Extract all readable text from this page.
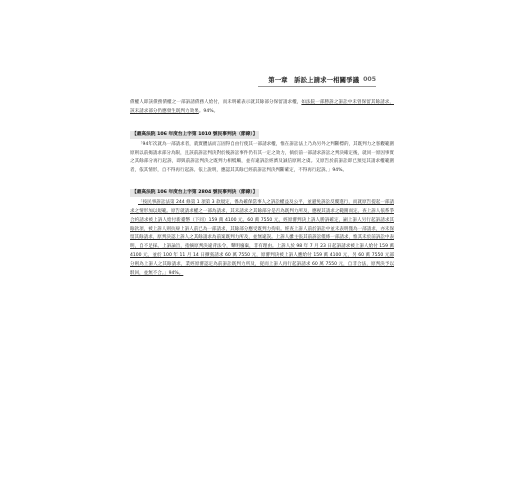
第一章　訴訟上請求一相關爭議 005

債權人即該債務債權之一部訴請債務人給付，而未明確表示就其餘部分保留請求權，如法院一部勝訴之訴訟中未曾保留其餘請求，該未請求部分仍應發生既判力效果。94%。

【最高法院 106 年度台上字第 1010 號民事判決（節錄）】

「94年次就為一部請求者，就實體法而言固得自由行使其一部請求權，惟在訴訟法上乃為另外之判斷標的，其既判力之客觀範圍原則以前揭請求部分為限，且該前訴訟判決對於後訴訟事件仍有其一定之效力，倘於前一部請求訴訟之判決確定後，就同一原因事實之其餘部分再行起訴，即與前訴訟判決之既判力相牴觸，並有違訴訟經濟及誠信原則之虞。又原告於前訴訟即已預見其請求權範圍者，依其情形，自不得再行起訴。依上說明，應認其其餘已經前訴訟判決判斷確定，不得再行起訴。」94%。

【最高法院 106 年度台上字第 2804 號民事判決（節錄）】

「按民事訴訟法第 244 條第 1 項第 3 款規定，係為確保當事人之訴訟權益及公平，並避免訴訟反覆進行，而就原告提起一部請求之情形加以規範。原告就請求權之一部為請求，其未請求之其餘部分是否為既判力所及，應視其請求之範圍而定。查上訴人依系爭合約請求被上訴人給付新臺幣（下同）159 萬 4100 元、60 萬 7550 元，經原審判決上訴人勝訴確定，嗣上訴人另行起訴請求其餘款項，被上訴人則抗辯上訴人前已為一部請求，其餘部分應受既判力拘束。經查上訴人前於訴訟中並未表明僅為一部請求，亦未保留其餘請求，原判決認上訴人之其餘請求為前案既判力所及，並無違誤。上訴人雖主張其前訴訟僅係一部請求，惟其未於前訴訟中表明，自不足採。上訴論旨，指摘原判決違背法令，聲明廢棄，非有理由。上訴人於 98 年 7 月 23 日起訴請求被上訴人給付 159 萬 4100 元，並於 100 年 11 月 14 日擴張請求 60 萬 7550 元，原審判決被上訴人應給付 159 萬 4100 元，另 60 萬 7550 元部分則為上訴人之其餘請求，業經原審認定為前訴訟既判力所及，從而上訴人再行起訴請求 60 萬 7550 元，自非合法，原判決予以駁回，並無不合。」94%。
